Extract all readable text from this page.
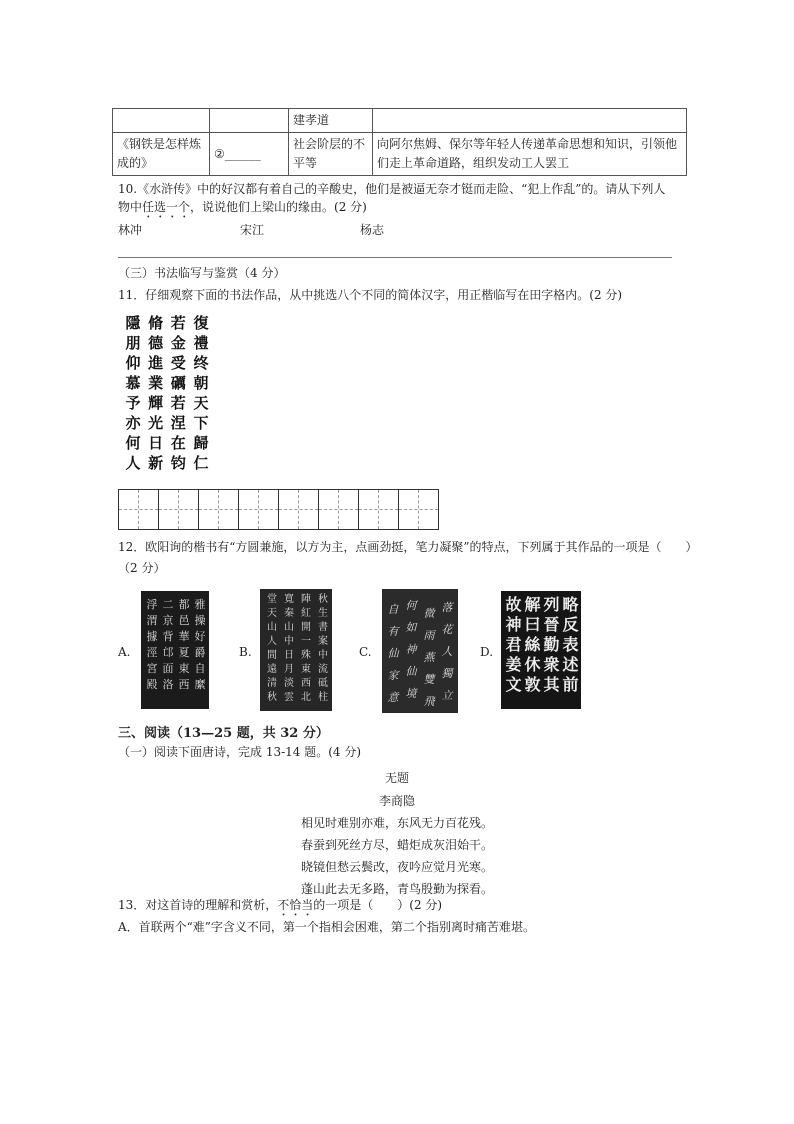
		建孝道	
《钢铁是怎样炼成的》	②______	社会阶层的不平等	向阿尔焦姆、保尔等年轻人传递革命思想和知识，引领他们走上革命道路，组织发动工人罢工
10.《水浒传》中的好汉都有着自己的辛酸史，他们是被逼无奈才铤而走险、“犯上作乱”的。请从下列人
物中任选一个，说说他们上梁山的缘由。(2 分)
林冲	宋江	杨志
（三）书法临写与鉴赏（4 分）
11．仔细观察下面的书法作品，从中挑选八个不同的简体汉字，用正楷临写在田字格内。(2 分)
復
禮
终
朝
天
下
歸
仁
若
金
受
礪
若
涅
在
钧
脩
德
進
業
輝
光
日
新
隱
朋
仰
慕
予
亦
何
人
12．欧阳询的楷书有“方圆兼施，以方为主，点画劲挺，笔力凝聚”的特点，下列属于其作品的一项是（　　）
（2 分）
A.
雅
操
好
爵
自
縻
都
邑
華
夏
東
西
二
京
背
邙
面
洛
浮
渭
據
涇
宮
殿
B.
秋
生
書
案
中
流
砥
柱
陣
紅
開
一
殊
東
西
北
寬
秦
山
中
日
月
淡
雲
堂
天
山
人
間
遠
清
秋
C.
落
花
人
獨
立
微
雨
燕
雙
飛
何
如
神
仙
境
自
有
仙
家
意
D.
略
反
表
述
前
列
晉
勤
衆
其
解
曰
絲
休
敦
故
神
君
姜
文
三、阅读（13—25 题，共 32 分）
（一）阅读下面唐诗，完成 13-14 题。(4 分)
无题
李商隐
相见时难别亦难，东风无力百花残。
春蚕到死丝方尽，蜡炬成灰泪始干。
晓镜但愁云鬓改，夜吟应觉月光寒。
蓬山此去无多路，青鸟殷勤为探看。
13．对这首诗的理解和赏析，不恰当的一项是（　　）(2 分)
A．首联两个“难”字含义不同，第一个指相会困难，第二个指别离时痛苦难堪。
